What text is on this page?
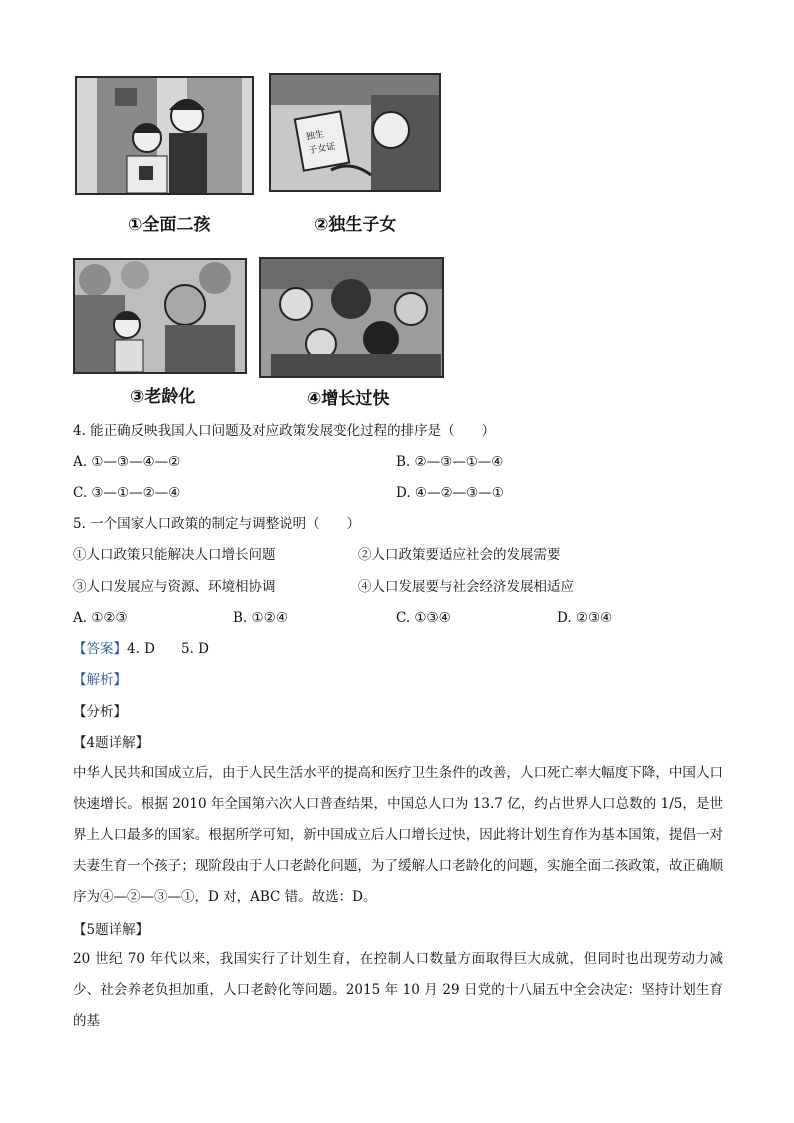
①全面二孩
独生
子女证
②独生子女
③老龄化	④增长过快
4. 能正确反映我国人口问题及对应政策发展变化过程的排序是（　　）
A. ①—③—④—②	B. ②—③—①—④
C. ③—①—②—④	D. ④—②—③—①
5. 一个国家人口政策的制定与调整说明（　　）
①人口政策只能解决人口增长问题	②人口政策要适应社会的发展需要
③人口发展应与资源、环境相协调	④人口发展要与社会经济发展相适应
A. ①②③	B. ①②④	C. ①③④	D. ②③④
【答案】4. D 5. D
【解析】
【分析】
【4题详解】
中华人民共和国成立后，由于人民生活水平的提高和医疗卫生条件的改善，人口死亡率大幅度下降，中国人口快速增长。根据 2010 年全国第六次人口普查结果，中国总人口为 13.7 亿，约占世界人口总数的 1/5，是世界上人口最多的国家。根据所学可知，新中国成立后人口增长过快，因此将计划生育作为基本国策，提倡一对夫妻生育一个孩子；现阶段由于人口老龄化问题，为了缓解人口老龄化的问题，实施全面二孩政策，故正确顺序为④—②—③—①，D 对，ABC 错。故选：D。
【5题详解】
20 世纪 70 年代以来，我国实行了计划生育，在控制人口数量方面取得巨大成就，但同时也出现劳动力减少、社会养老负担加重，人口老龄化等问题。2015 年 10 月 29 日党的十八届五中全会决定：坚持计划生育的基
